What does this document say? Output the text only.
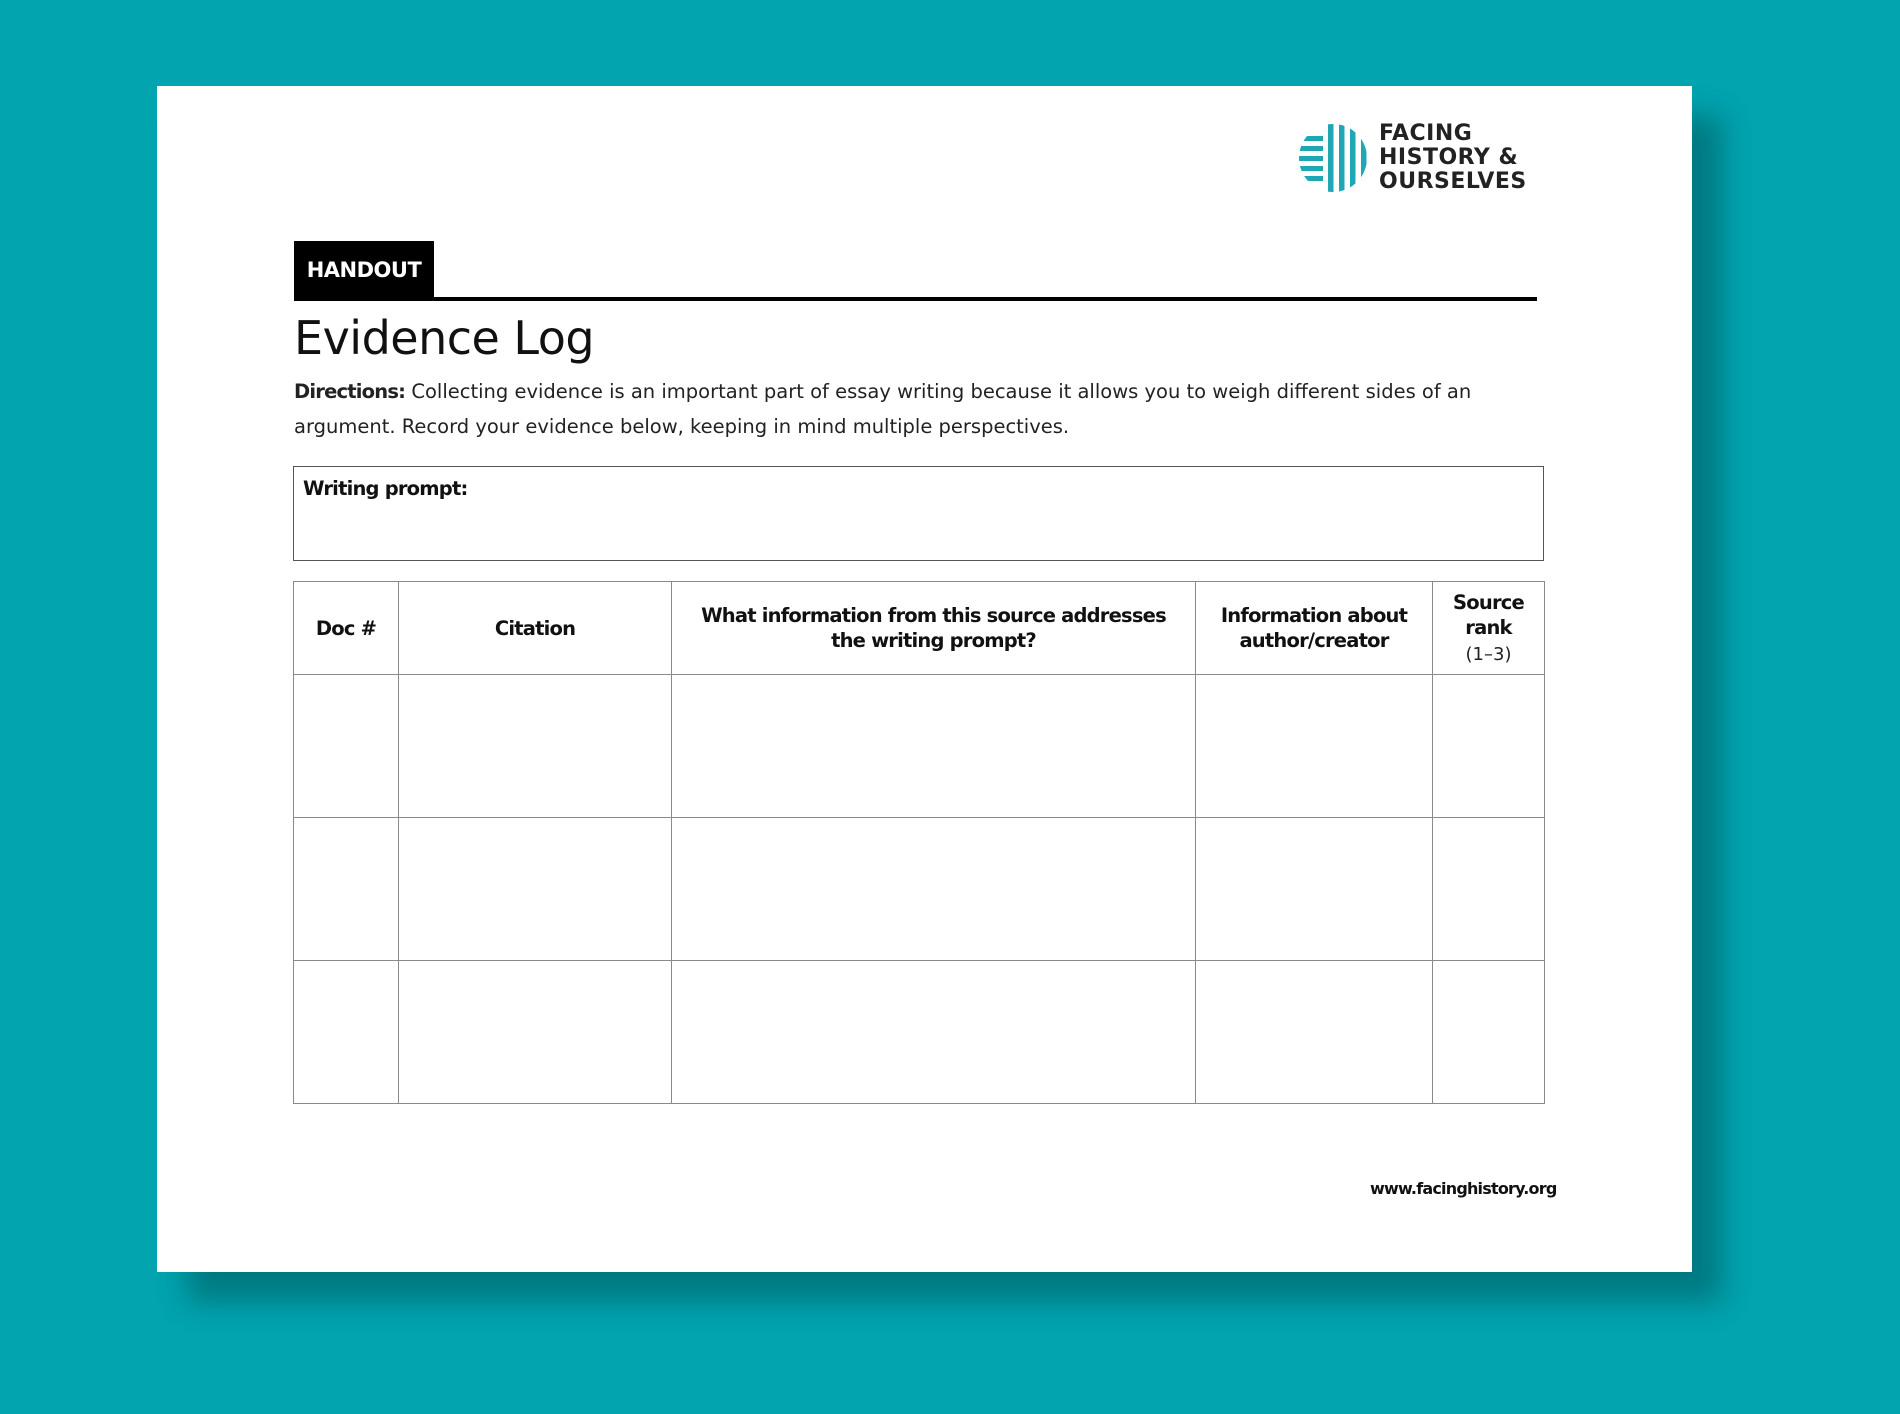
FACING
HISTORY &
OURSELVES
HANDOUT
Evidence Log
Directions: Collecting evidence is an important part of essay writing because it allows you to weigh different sides of an argument. Record your evidence below, keeping in mind multiple perspectives.
Writing prompt:
Doc #	Citation	What information from this source addresses the writing prompt?	Information about author/creator	Source rank
(1–3)

www.facinghistory.org
